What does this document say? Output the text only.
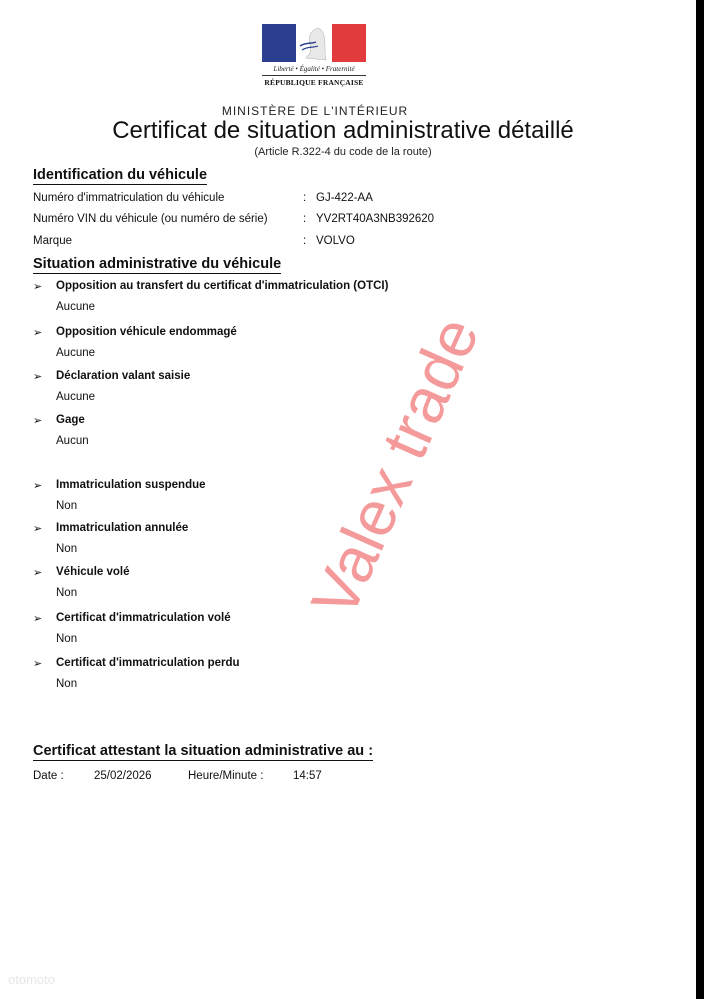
Liberté • Égalité • Fraternité
RÉPUBLIQUE FRANÇAISE
MINISTÈRE DE L'INTÉRIEUR
Certificat de situation administrative détaillé
(Article R.322-4 du code de la route)
Identification du véhicule
Numéro d'immatriculation du véhicule	: GJ-422-AA
Numéro VIN du véhicule (ou numéro de série)	: YV2RT40A3NB392620
Marque	: VOLVO
Situation administrative du véhicule
➢ Opposition au transfert du certificat d'immatriculation (OTCI)
Aucune
➢ Opposition véhicule endommagé
Aucune
➢ Déclaration valant saisie
Aucune
➢ Gage
Aucun
➢ Immatriculation suspendue
Non
➢ Immatriculation annulée
Non
➢ Véhicule volé
Non
➢ Certificat d'immatriculation volé
Non
➢ Certificat d'immatriculation perdu
Non
Certificat attestant la situation administrative au :
Date :	25/02/2026	Heure/Minute :	14:57
Valex trade
otomoto
